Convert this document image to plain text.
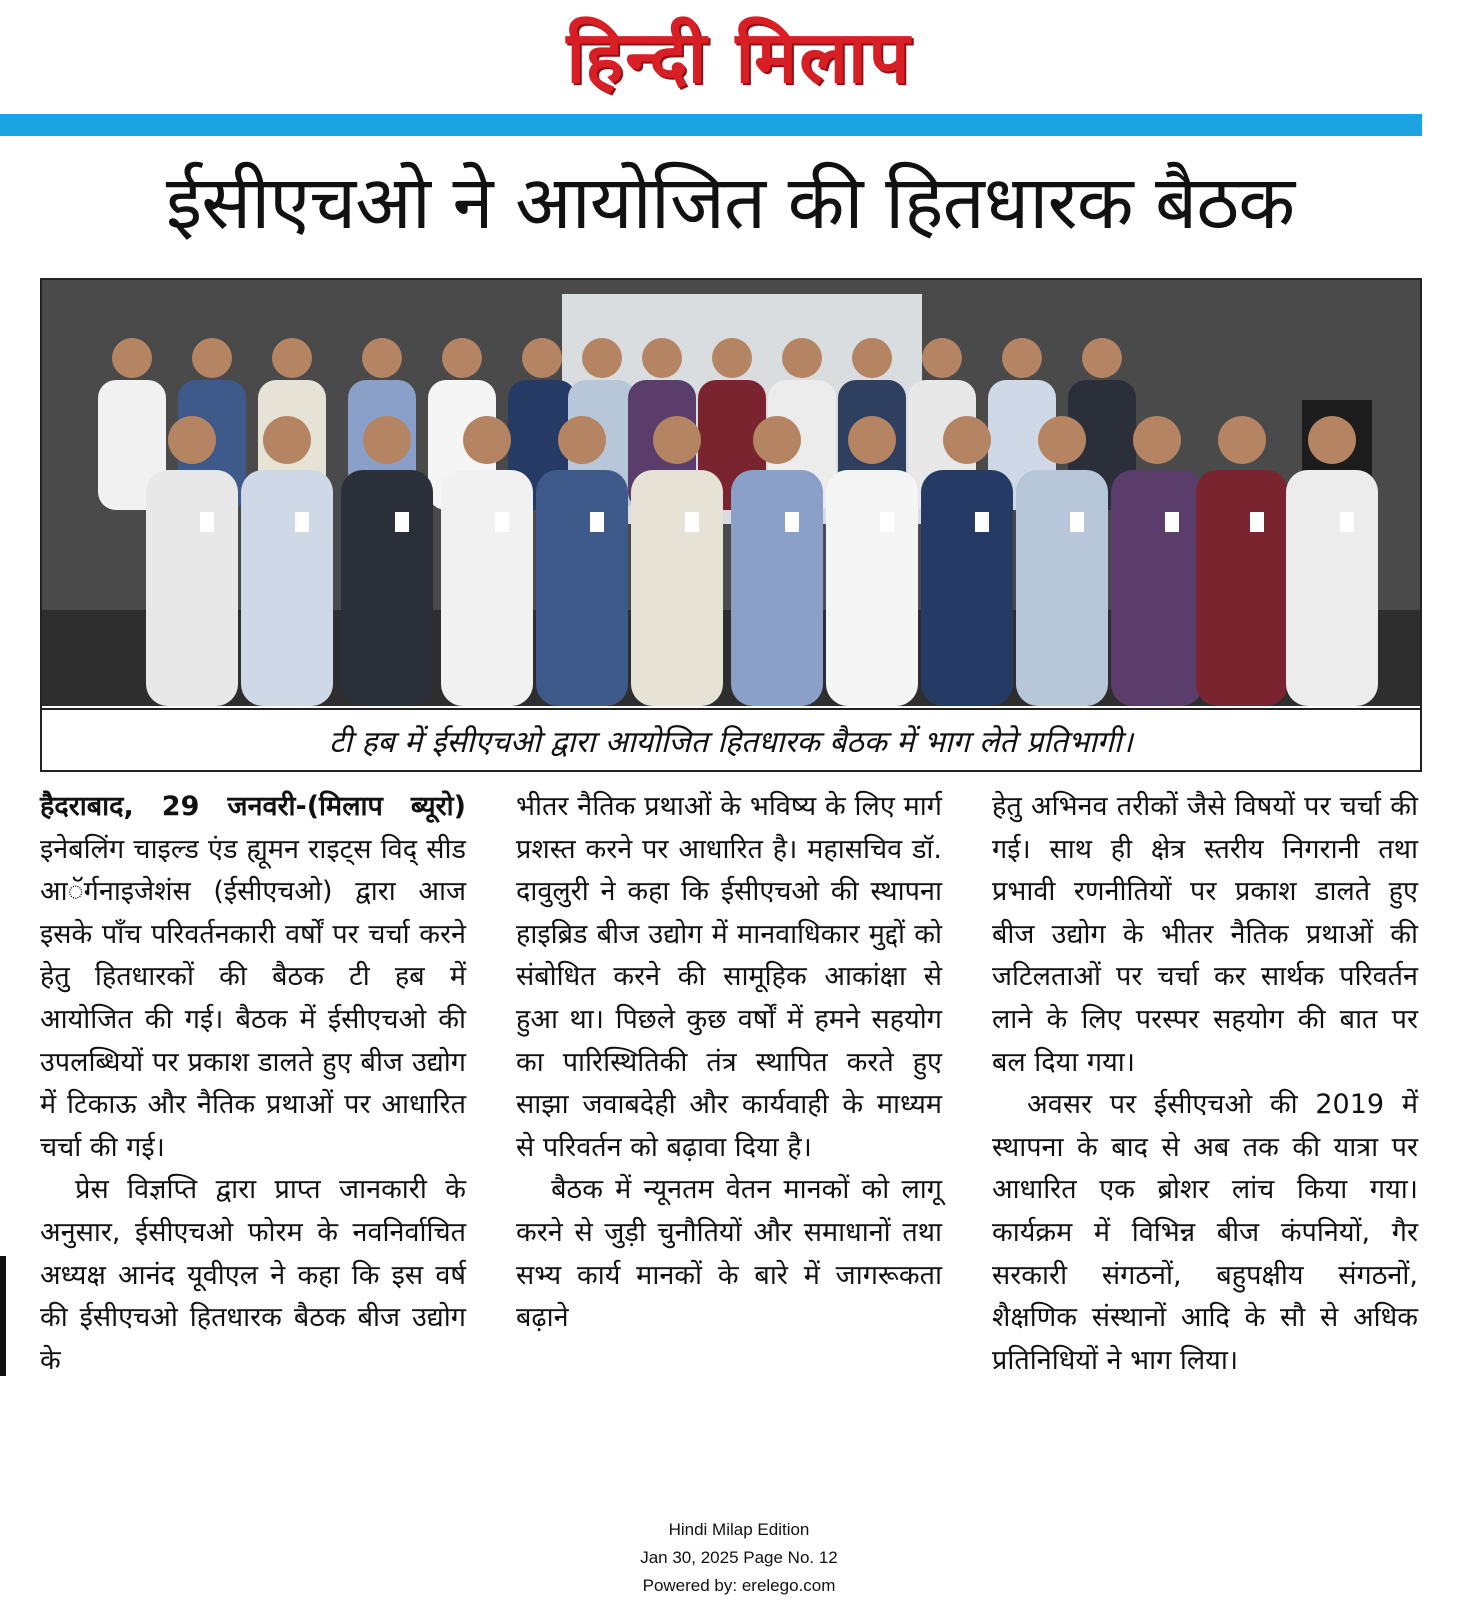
हिन्दी मिलाप
ईसीएचओ ने आयोजित की हितधारक बैठक
टी हब में ईसीएचओ द्वारा आयोजित हितधारक बैठक में भाग लेते प्रतिभागी।

हैदराबाद, 29 जनवरी-(मिलाप ब्यूरो) इनेबलिंग चाइल्ड एंड ह्यूमन राइट्स विद् सीड आॅर्गनाइजेशंस (ईसीएचओ) द्वारा आज इसके पाँच परिवर्तनकारी वर्षों पर चर्चा करने हेतु हितधारकों की बैठक टी हब में आयोजित की गई। बैठक में ईसीएचओ की उपलब्धियों पर प्रकाश डालते हुए बीज उद्योग में टिकाऊ और नैतिक प्रथाओं पर आधारित चर्चा की गई।

प्रेस विज्ञप्ति द्वारा प्राप्त जानकारी के अनुसार, ईसीएचओ फोरम के नवनिर्वाचित अध्यक्ष आनंद यूवीएल ने कहा कि इस वर्ष की ईसीएचओ हितधारक बैठक बीज उद्योग के

भीतर नैतिक प्रथाओं के भविष्य के लिए मार्ग प्रशस्त करने पर आधारित है। महासचिव डॉ. दावुलुरी ने कहा कि ईसीएचओ की स्थापना हाइब्रिड बीज उद्योग में मानवाधिकार मुद्दों को संबोधित करने की सामूहिक आकांक्षा से हुआ था। पिछले कुछ वर्षों में हमने सहयोग का पारिस्थितिकी तंत्र स्थापित करते हुए साझा जवाबदेही और कार्यवाही के माध्यम से परिवर्तन को बढ़ावा दिया है।

बैठक में न्यूनतम वेतन मानकों को लागू करने से जुड़ी चुनौतियों और समाधानों तथा सभ्य कार्य मानकों के बारे में जागरूकता बढ़ाने

हेतु अभिनव तरीकों जैसे विषयों पर चर्चा की गई। साथ ही क्षेत्र स्तरीय निगरानी तथा प्रभावी रणनीतियों पर प्रकाश डालते हुए बीज उद्योग के भीतर नैतिक प्रथाओं की जटिलताओं पर चर्चा कर सार्थक परिवर्तन लाने के लिए परस्पर सहयोग की बात पर बल दिया गया।

अवसर पर ईसीएचओ की 2019 में स्थापना के बाद से अब तक की यात्रा पर आधारित एक ब्रोशर लांच किया गया। कार्यक्रम में विभिन्न बीज कंपनियों, गैर सरकारी संगठनों, बहुपक्षीय संगठनों, शैक्षणिक संस्थानों आदि के सौ से अधिक प्रतिनिधियों ने भाग लिया।

Hindi Milap Edition
Jan 30, 2025 Page No. 12
Powered by: erelego.com
